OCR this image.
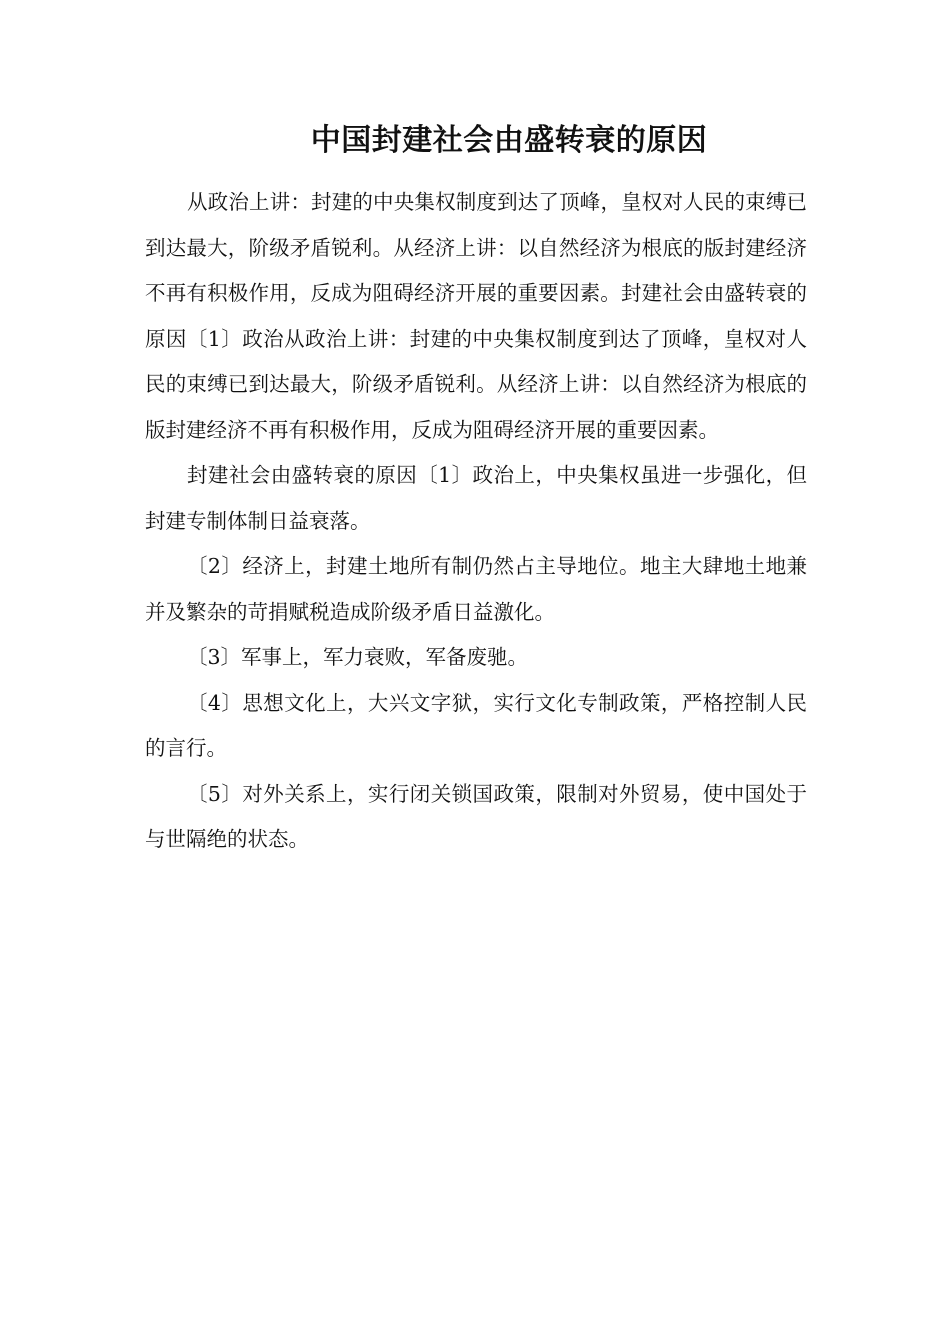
中国封建社会由盛转衰的原因

从政治上讲：封建的中央集权制度到达了顶峰，皇权对人民的束缚已到达最大，阶级矛盾锐利。从经济上讲：以自然经济为根底的版封建经济不再有积极作用，反成为阻碍经济开展的重要因素。封建社会由盛转衰的原因〔1〕政治从政治上讲：封建的中央集权制度到达了顶峰，皇权对人民的束缚已到达最大，阶级矛盾锐利。从经济上讲：以自然经济为根底的版封建经济不再有积极作用，反成为阻碍经济开展的重要因素。

封建社会由盛转衰的原因〔1〕政治上，中央集权虽进一步强化，但封建专制体制日益衰落。

〔2〕经济上，封建土地所有制仍然占主导地位。地主大肆地土地兼并及繁杂的苛捐赋税造成阶级矛盾日益激化。

〔3〕军事上，军力衰败，军备废驰。

〔4〕思想文化上，大兴文字狱，实行文化专制政策，严格控制人民的言行。

〔5〕对外关系上，实行闭关锁国政策，限制对外贸易，使中国处于与世隔绝的状态。
